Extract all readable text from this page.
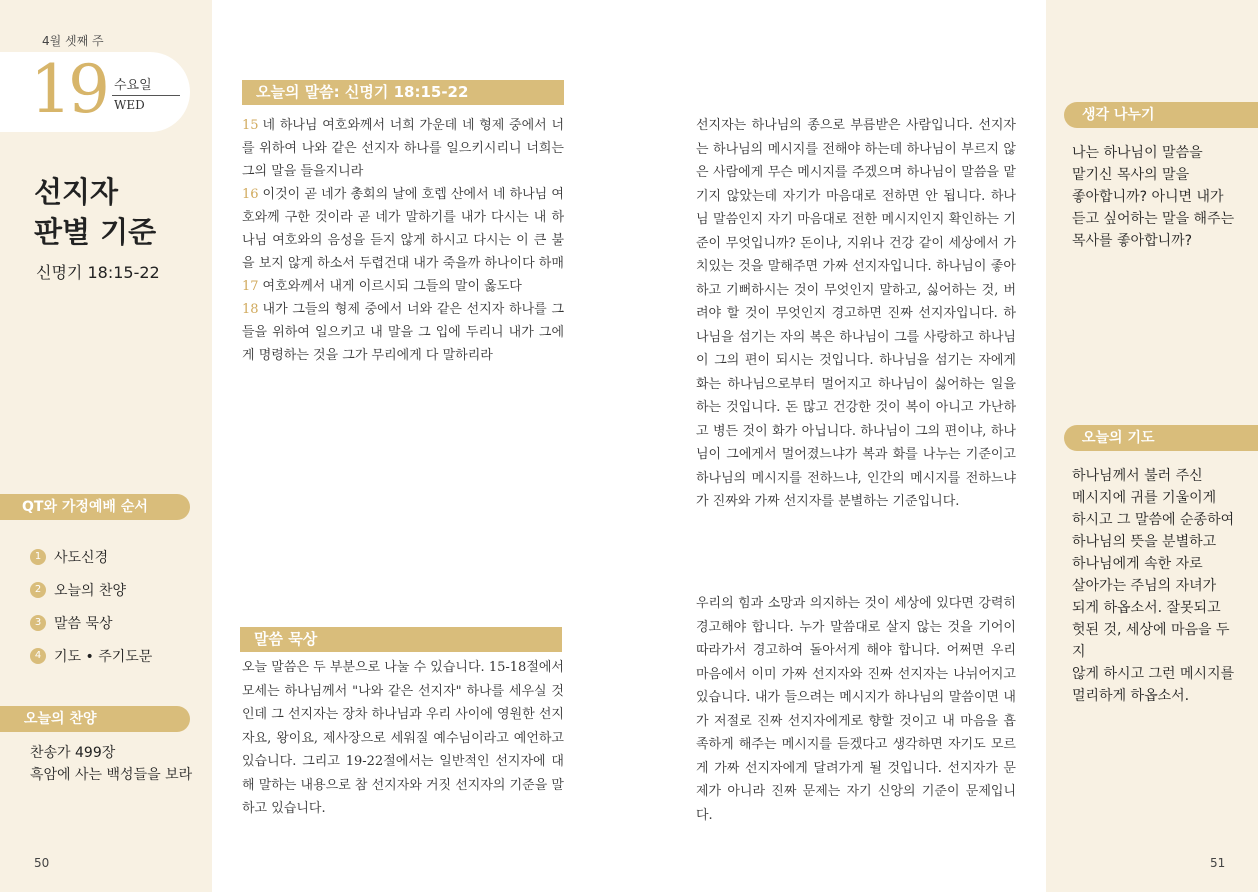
4월 셋째 주
19 수요일
WED
선지자
판별 기준
신명기 18:15-22
QT와 가정예배 순서
1 사도신경
2 오늘의 찬양
3 말씀 묵상
4 기도 • 주기도문
오늘의 찬양
찬송가 499장
흑암에 사는 백성들을 보라
50
오늘의 말씀: 신명기 18:15-22
15 네 하나님 여호와께서 너희 가운데 네 형제 중에서 너를 위하여 나와 같은 선지자 하나를 일으키시리니 너희는 그의 말을 들을지니라
16 이것이 곧 네가 총회의 날에 호렙 산에서 네 하나님 여호와께 구한 것이라 곧 네가 말하기를 내가 다시는 내 하나님 여호와의 음성을 듣지 않게 하시고 다시는 이 큰 불을 보지 않게 하소서 두렵건대 내가 죽을까 하나이다 하매
17 여호와께서 내게 이르시되 그들의 말이 옳도다
18 내가 그들의 형제 중에서 너와 같은 선지자 하나를 그들을 위하여 일으키고 내 말을 그 입에 두리니 내가 그에게 명령하는 것을 그가 무리에게 다 말하리라
말씀 묵상
오늘 말씀은 두 부분으로 나눌 수 있습니다. 15-18절에서 모세는 하나님께서 "나와 같은 선지자" 하나를 세우실 것인데 그 선지자는 장차 하나님과 우리 사이에 영원한 선지자요, 왕이요, 제사장으로 세워질 예수님이라고 예언하고 있습니다. 그리고 19-22절에서는 일반적인 선지자에 대해 말하는 내용으로 참 선지자와 거짓 선지자의 기준을 말하고 있습니다.
선지자는 하나님의 종으로 부름받은 사람입니다. 선지자는 하나님의 메시지를 전해야 하는데 하나님이 부르지 않은 사람에게 무슨 메시지를 주겠으며 하나님이 말씀을 맡기지 않았는데 자기가 마음대로 전하면 안 됩니다. 하나님 말씀인지 자기 마음대로 전한 메시지인지 확인하는 기준이 무엇입니까? 돈이나, 지위나 건강 같이 세상에서 가치있는 것을 말해주면 가짜 선지자입니다. 하나님이 좋아하고 기뻐하시는 것이 무엇인지 말하고, 싫어하는 것, 버려야 할 것이 무엇인지 경고하면 진짜 선지자입니다. 하나님을 섬기는 자의 복은 하나님이 그를 사랑하고 하나님이 그의 편이 되시는 것입니다. 하나님을 섬기는 자에게 화는 하나님으로부터 멀어지고 하나님이 싫어하는 일을 하는 것입니다. 돈 많고 건강한 것이 복이 아니고 가난하고 병든 것이 화가 아닙니다. 하나님이 그의 편이냐, 하나님이 그에게서 멀어졌느냐가 복과 화를 나누는 기준이고 하나님의 메시지를 전하느냐, 인간의 메시지를 전하느냐가 진짜와 가짜 선지자를 분별하는 기준입니다.
우리의 힘과 소망과 의지하는 것이 세상에 있다면 강력히 경고해야 합니다. 누가 말씀대로 살지 않는 것을 기어이 따라가서 경고하여 돌아서게 해야 합니다. 어쩌면 우리 마음에서 이미 가짜 선지자와 진짜 선지자는 나뉘어지고 있습니다. 내가 들으려는 메시지가 하나님의 말씀이면 내가 저절로 진짜 선지자에게로 향할 것이고 내 마음을 흡족하게 해주는 메시지를 듣겠다고 생각하면 자기도 모르게 가짜 선지자에게 달려가게 될 것입니다. 선지자가 문제가 아니라 진짜 문제는 자기 신앙의 기준이 문제입니다.
생각 나누기
나는 하나님이 말씀을
맡기신 목사의 말을
좋아합니까? 아니면 내가
듣고 싶어하는 말을 해주는
목사를 좋아합니까?
오늘의 기도
하나님께서 불러 주신
메시지에 귀를 기울이게
하시고 그 말씀에 순종하여
하나님의 뜻을 분별하고
하나님에게 속한 자로
살아가는 주님의 자녀가
되게 하옵소서. 잘못되고
헛된 것, 세상에 마음을 두지
않게 하시고 그런 메시지를
멀리하게 하옵소서.
51
